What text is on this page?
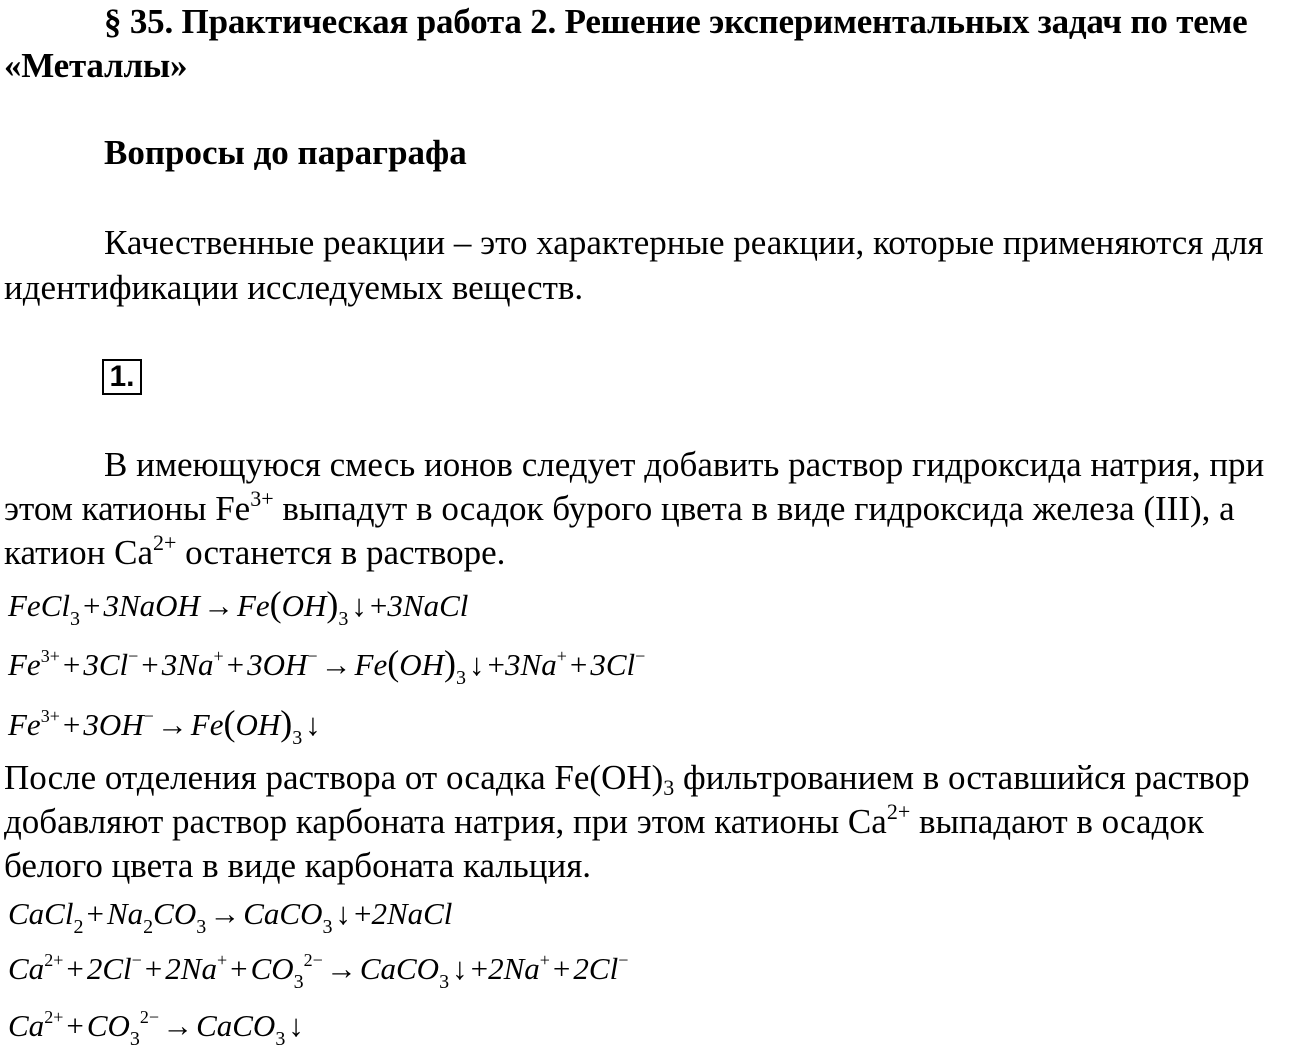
§ 35. Практическая работа 2. Решение экспериментальных задач по теме «Металлы»
Вопросы до параграфа

Качественные реакции – это характерные реакции, которые применяются для идентификации исследуемых веществ.

1.

В имеющуюся смесь ионов следует добавить раствор гидроксида натрия, при этом катионы $Fe^{3+}$ выпадут в осадок бурого цвета в виде гидроксида железа (III), а катион $Ca^{2+}$ останется в растворе.

$FeCl_3+3NaOH\to Fe(OH)_3↓+3NaCl$
$Fe^{3+}+3Cl^-+3Na^++3OH^-\to Fe(OH)_3↓+3Na^++3Cl^-$
$Fe^{3+}+3OH^-\to Fe(OH)_3↓$

После отделения раствора от осадка $Fe(OH)_3$ фильтрованием в оставшийся раствор добавляют раствор карбоната натрия, при этом катионы $Ca^{2+}$ выпадают в осадок белого цвета в виде карбоната кальция.

$CaCl_2+Na_2CO_3\to CaCO_3↓+2NaCl$
$Ca^{2+}+2Cl^-+2Na^++CO_3^{2-}\to CaCO_3↓+2Na^++2Cl^-$
$Ca^{2+}+CO_3^{2-}\to CaCO_3↓$
